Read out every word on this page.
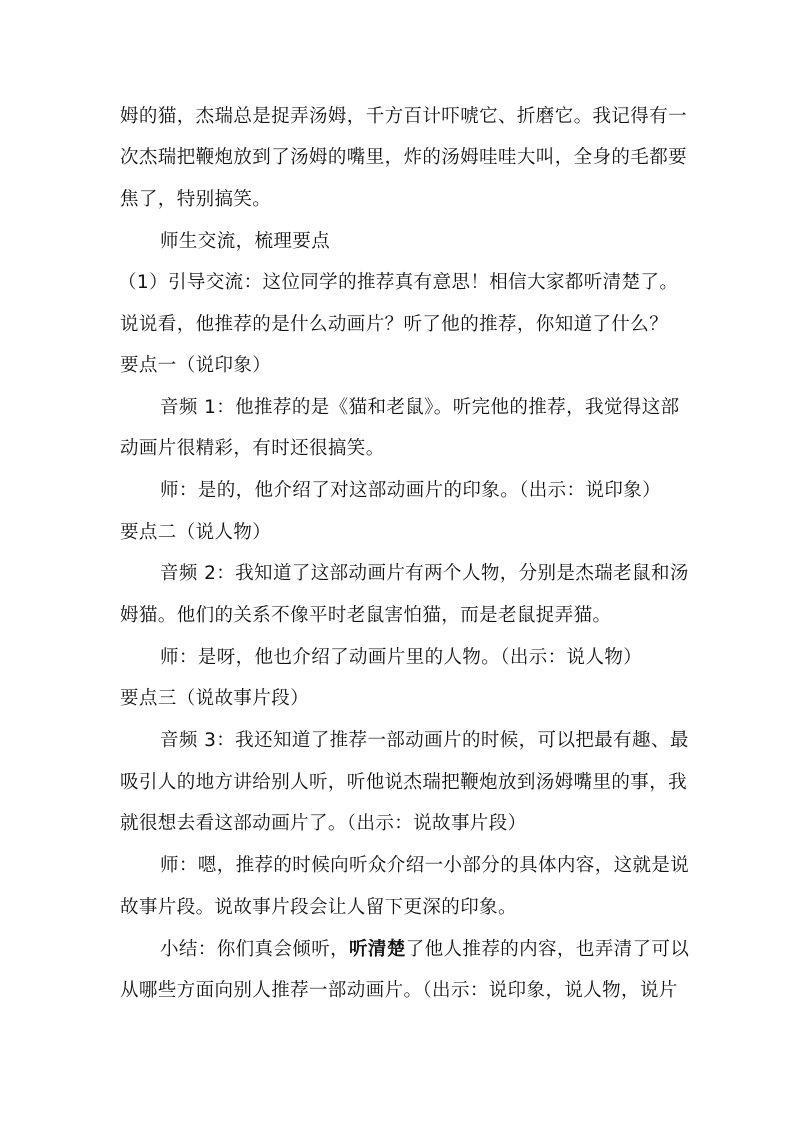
姆的猫，杰瑞总是捉弄汤姆，千方百计吓唬它、折磨它。我记得有一
次杰瑞把鞭炮放到了汤姆的嘴里，炸的汤姆哇哇大叫，全身的毛都要
焦了，特别搞笑。
师生交流，梳理要点
（1）引导交流：这位同学的推荐真有意思！相信大家都听清楚了。
说说看，他推荐的是什么动画片？听了他的推荐，你知道了什么？
要点一（说印象）
音频 1：他推荐的是《猫和老鼠》。听完他的推荐，我觉得这部
动画片很精彩，有时还很搞笑。
师：是的，他介绍了对这部动画片的印象。（出示：说印象）
要点二（说人物）
音频 2：我知道了这部动画片有两个人物，分别是杰瑞老鼠和汤
姆猫。他们的关系不像平时老鼠害怕猫，而是老鼠捉弄猫。
师：是呀，他也介绍了动画片里的人物。（出示：说人物）
要点三（说故事片段）
音频 3：我还知道了推荐一部动画片的时候，可以把最有趣、最
吸引人的地方讲给别人听，听他说杰瑞把鞭炮放到汤姆嘴里的事，我
就很想去看这部动画片了。（出示：说故事片段）
师：嗯，推荐的时候向听众介绍一小部分的具体内容，这就是说
故事片段。说故事片段会让人留下更深的印象。
小结：你们真会倾听，听清楚了他人推荐的内容，也弄清了可以
从哪些方面向别人推荐一部动画片。（出示：说印象，说人物，说片
